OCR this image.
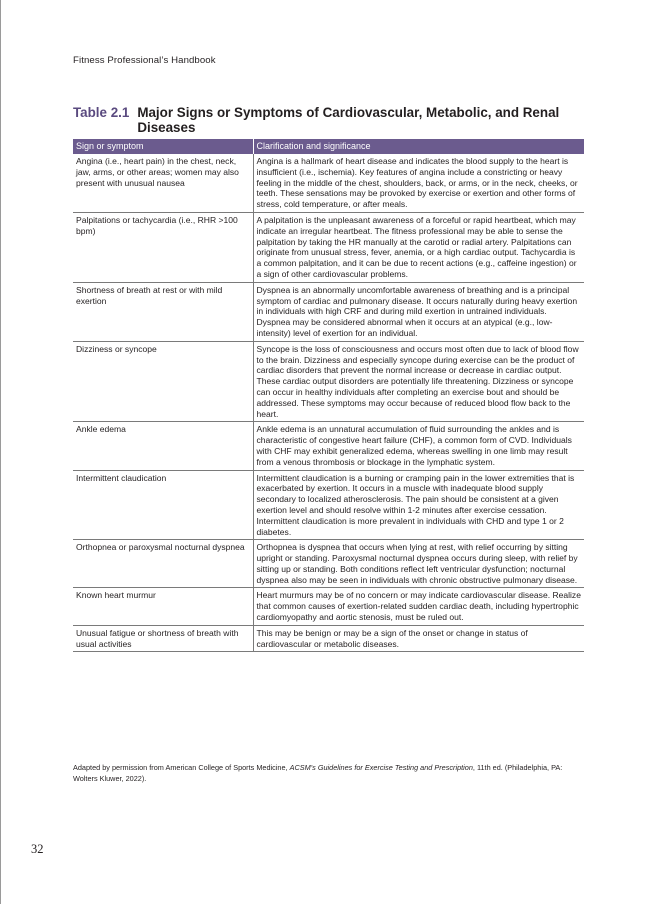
Fitness Professional’s Handbook
Table 2.1 Major Signs or Symptoms of Cardiovascular, Metabolic, and Renal Diseases
Sign or symptom	Clarification and significance
Angina (i.e., heart pain) in the chest, neck, jaw, arms, or other areas; women may also present with unusual nausea	Angina is a hallmark of heart disease and indicates the blood supply to the heart is insufficient (i.e., ischemia). Key features of angina include a constricting or heavy feeling in the middle of the chest, shoulders, back, or arms, or in the neck, cheeks, or teeth. These sensations may be provoked by exercise or exertion and other forms of stress, cold temperature, or after meals.
Palpitations or tachycardia (i.e., RHR >100 bpm)	A palpitation is the unpleasant awareness of a forceful or rapid heartbeat, which may indicate an irregular heartbeat. The fitness professional may be able to sense the palpitation by taking the HR manually at the carotid or radial artery. Palpitations can originate from unusual stress, fever, anemia, or a high cardiac output. Tachycardia is a common palpitation, and it can be due to recent actions (e.g., caffeine ingestion) or a sign of other cardiovascular problems.
Shortness of breath at rest or with mild exertion	Dyspnea is an abnormally uncomfortable awareness of breathing and is a principal symptom of cardiac and pulmonary disease. It occurs naturally during heavy exertion in individuals with high CRF and during mild exertion in untrained individuals. Dyspnea may be considered abnormal when it occurs at an atypical (e.g., low-intensity) level of exertion for an individual.
Dizziness or syncope	Syncope is the loss of consciousness and occurs most often due to lack of blood flow to the brain. Dizziness and especially syncope during exercise can be the product of cardiac disorders that prevent the normal increase or decrease in cardiac output. These cardiac output disorders are potentially life threatening. Dizziness or syncope can occur in healthy individuals after completing an exercise bout and should be addressed. These symptoms may occur because of reduced blood flow back to the heart.
Ankle edema	Ankle edema is an unnatural accumulation of fluid surrounding the ankles and is characteristic of congestive heart failure (CHF), a common form of CVD. Individuals with CHF may exhibit generalized edema, whereas swelling in one limb may result from a venous thrombosis or blockage in the lymphatic system.
Intermittent claudication	Intermittent claudication is a burning or cramping pain in the lower extremities that is exacerbated by exertion. It occurs in a muscle with inadequate blood supply secondary to localized atherosclerosis. The pain should be consistent at a given exertion level and should resolve within 1-2 minutes after exercise cessation. Intermittent claudication is more prevalent in individuals with CHD and type 1 or 2 diabetes.
Orthopnea or paroxysmal nocturnal dyspnea	Orthopnea is dyspnea that occurs when lying at rest, with relief occurring by sitting upright or standing. Paroxysmal nocturnal dyspnea occurs during sleep, with relief by sitting up or standing. Both conditions reflect left ventricular dysfunction; nocturnal dyspnea also may be seen in individuals with chronic obstructive pulmonary disease.
Known heart murmur	Heart murmurs may be of no concern or may indicate cardiovascular disease. Realize that common causes of exertion-related sudden cardiac death, including hypertrophic cardiomyopathy and aortic stenosis, must be ruled out.
Unusual fatigue or shortness of breath with usual activities	This may be benign or may be a sign of the onset or change in status of cardiovascular or metabolic diseases.
Adapted by permission from American College of Sports Medicine, ACSM’s Guidelines for Exercise Testing and Prescription, 11th ed. (Philadelphia, PA: Wolters Kluwer, 2022).
32
